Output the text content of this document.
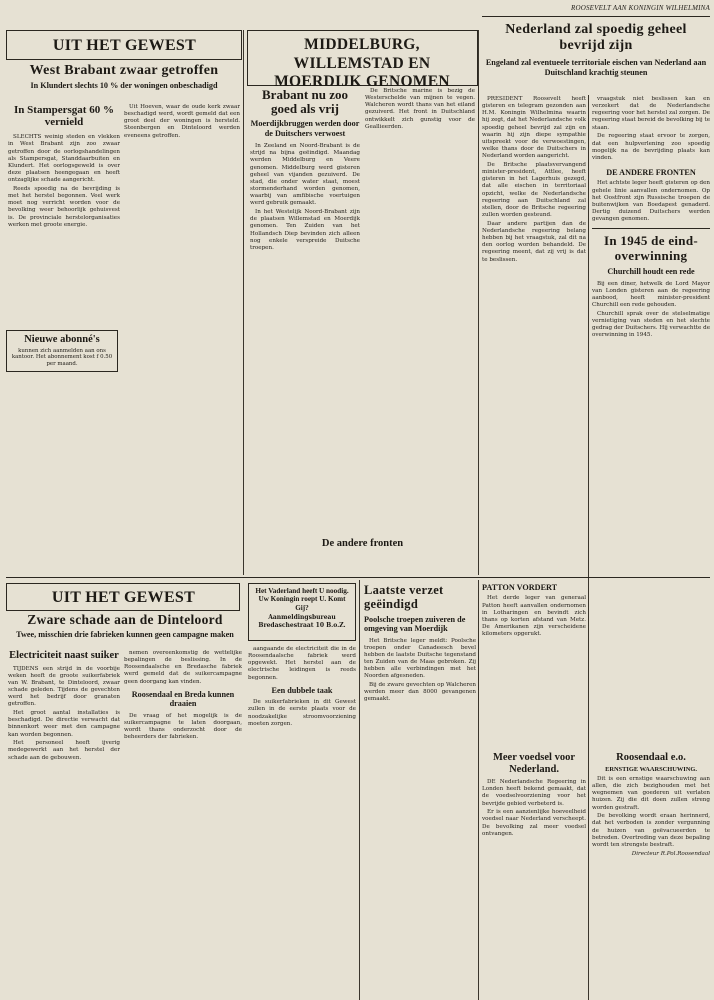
ROOSEVELT AAN KONINGIN WILHELMINA
UIT HET GEWEST
West Brabant zwaar getroffen
In Klundert slechts 10 % der woningen onbeschadigd
In Stampersgat 60 % vernield

SLECHTS weinig steden en vlekken in West Brabant zijn zoo zwaar getroffen door de oorlogshandelingen als Stampersgat, Standdaarbuiten en Klundert. Het oorlogsgeweld is over deze plaatsen heengegaan en heeft ontzaglijke schade aangericht.

Reeds spoedig na de bevrijding is met het herstel begonnen. Veel werk moet nog verricht worden voor de bevolking weer behoorlijk gehuisvest is. De provinciale herstelorganisaties werken met groote energie.

Uit Hoeven, waar de oude kerk zwaar beschadigd werd, wordt gemeld dat een groot deel der woningen is hersteld. Steenbergen en Dinteloord werden eveneens getroffen.

Nieuwe abonné's
kunnen zich aanmelden aan ons kantoor. Het abonnement kost f 0.50 per maand.
MIDDELBURG, WILLEMSTAD EN MOERDIJK GENOMEN
Brabant nu zoo goed als vrij
Moerdijkbruggen werden door de Duitschers verwoest

In Zeeland en Noord-Brabant is de strijd na bijna geëindigd. Maandag werden Middelburg en Veere genomen. Middelburg werd gisteren geheel van vijanden gezuiverd. De stad, die onder water staat, moest stormenderhand worden genomen, waarbij van amfibische voertuigen werd gebruik gemaakt.

In het Westelijk Noord-Brabant zijn de plaatsen Willemstad en Moerdijk genomen. Ten Zuiden van het Hollandsch Diep bevinden zich alleen nog enkele verspreide Duitsche troepen.

De Britsche marine is bezig de Westerschelde van mijnen te vegen. Walcheren wordt thans van het eiland gezuiverd. Het front in Duitschland ontwikkelt zich gunstig voor de Geallieerden.

De andere fronten
Nederland zal spoedig geheel bevrijd zijn
Engeland zal eventueele territoriale eischen van Nederland aan Duitschland krachtig steunen

PRESIDENT Roosevelt heeft gisteren en telegram gezonden aan H.M. Koningin Wilhelmina waarin hij zegt, dat het Nederlandsche volk spoedig geheel bevrijd zal zijn en waarin hij zijn diepe sympathie uitspreekt voor de verwoestingen, welke thans door de Duitschers in Nederland worden aangericht.

De Britsche plaatsvervangend minister-president, Attlee, heeft gisteren in het Lagerhuis gezegd, dat alle eischen in territoriaal opzicht, welke de Nederlandsche regeering aan Duitschland zal stellen, door de Britsche regeering zullen worden gesteund.

Daar andere partijen dan de Nederlandsche regeering belang hebben bij het vraagstuk, zal dit na den oorlog worden behandeld. De regeering meent, dat zij vrij is dat te beslissen.

vraagstuk niet beslissen kan en verzekert dat de Nederlandsche regeering voor het herstel zal zorgen. De regeering staat bereid de bevolking bij te staan.

De regeering staat ervoor te zorgen, dat een hulpverlening zoo spoedig mogelijk na de bevrijding plaats kan vinden.

DE ANDERE FRONTEN

Het achtste leger heeft gisteren op den gehele linie aanvallen ondernomen. Op het Oostfront zijn Russische troepen de buitenwijken van Boedapest genaderd. Dertig duizend Duitschers werden gevangen genomen.

In 1945 de eind-overwinning
Churchill houdt een rede

Bij een diner, hetwelk de Lord Mayor van Londen gisteren aan de regeering aanbood, heeft minister-president Churchill een rede gehouden.

Churchill sprak over de stelselmatige vernietiging van steden en het slechte gedrag der Duitschers. Hij verwachtte de overwinning in 1945.

UIT HET GEWEST
Zware schade aan de Dinteloord
Twee, misschien drie fabrieken kunnen geen campagne maken
Electriciteit naast suiker

TIJDENS een strijd in de voorbije weken heeft de groote suikerfabriek van W. Brabant, te Dinteloord, zwaar schade geleden. Tijdens de gevechten werd het bedrijf door granaten getroffen.

Het groot aantal installaties is beschadigd. De directie verwacht dat binnenkort weer met den campagne kan worden begonnen.

Het personeel heeft ijverig medegewerkt aan het herstel der schade aan de gebouwen.

nemen overeenkomstig de wettelijke bepalingen de beslissing. In de Roosendaalsche en Bredasche fabriek werd gemeld dat de suikercampagne geen doorgang kan vinden.

Roosendaal en Breda kunnen draaien

De vraag of het mogelijk is de suikercampagne te laten doorgaan, wordt thans onderzocht door de beheerders der fabrieken.

Het Vaderland heeft U noodig. Uw Koningin roept U. Komt Gij?
Aanmeldingsbureau Bredaschestraat 10 B.o.Z.

aangaande de electriciteit die in de Roosendaalsche fabriek werd opgewekt. Het herstel aan de electrische leidingen is reeds begonnen.

Een dubbele taak

De suikerfabrieken in dit Gewest zullen in de eerste plaats voor de noodzakelijke stroomvoorziening moeten zorgen.

Laatste verzet geëindigd
Poolsche troepen zuiveren de omgeving van Moerdijk

Het Britsche leger meldt: Poolsche troepen onder Canadeesch bevel hebben de laatste Duitsche tegenstand ten Zuiden van de Maas gebroken. Zij hebben alle verbindingen met het Noorden afgesneden.

Bij de zware gevechten op Walcheren werden meer dan 8000 gevangenen gemaakt.

PATTON VORDERT

Het derde leger van generaal Patton heeft aanvallen ondernomen in Lotharingen en bevindt zich thans op korten afstand van Metz. De Amerikanen zijn verscheidene kilometers opgerukt.

Meer voedsel voor Nederland.

DE Nederlandsche Regeering in Londen heeft bekend gemaakt, dat de voedselvoorziening voor het bevrijde gebied verbeterd is.

Er is een aanzienlijke hoeveelheid voedsel naar Nederland verscheept. De bevolking zal meer voedsel ontvangen.

Roosendaal e.o.
ERNSTIGE WAARSCHUWING.

Dit is een ernstige waarschuwing aan allen, die zich bezighouden met het wegnemen van goederen uit verlaten huizen. Zij die dit doen zullen streng worden gestraft.

De bevolking wordt eraan herinnerd, dat het verboden is zonder vergunning de huizen van geëvacueerden te betreden. Overtreding van deze bepaling wordt ten strengste bestraft.

Directeur R.Pol.Roosendaal
